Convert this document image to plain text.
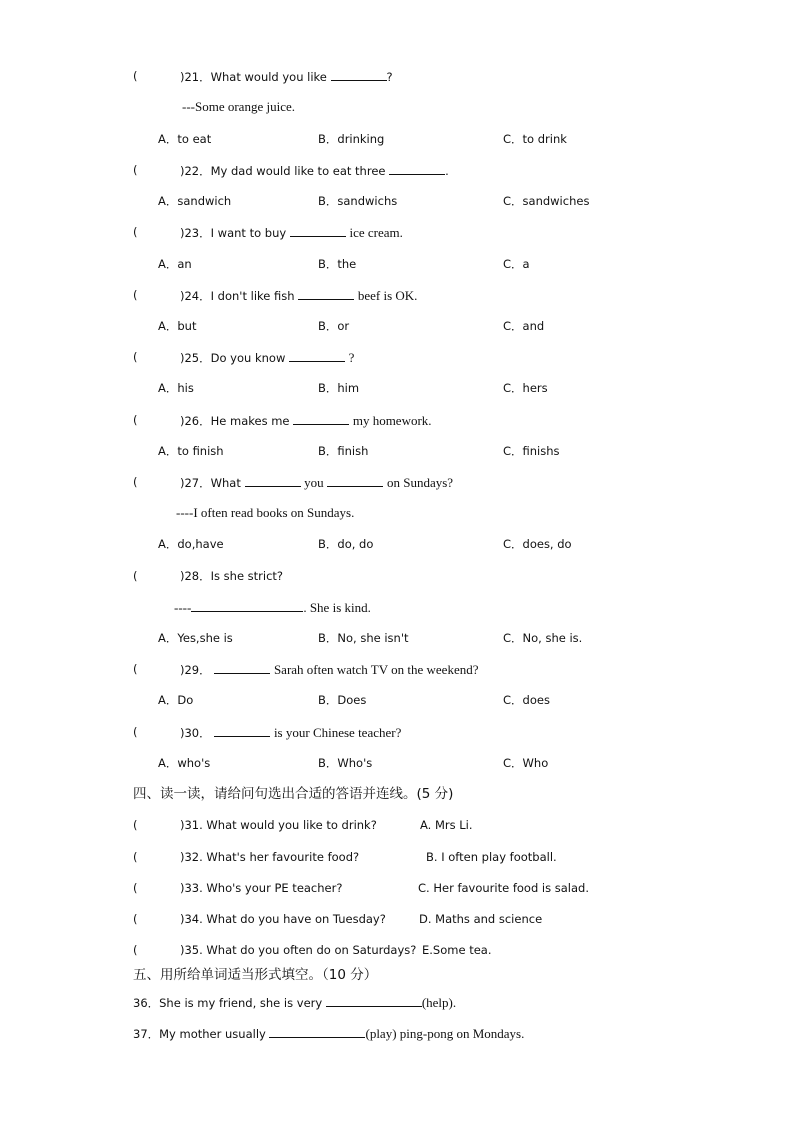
(	)21．What would you like	?
---Some orange juice.
A．to eat	B．drinking	C．to drink
(	)22．My dad would like to eat three	.
A．sandwich	B．sandwichs	C．sandwiches
(	)23．I want to buy	ice cream.
A．an	B．the	C．a
(	)24．I don't like fish	beef is OK.
A．but	B．or	C．and
(	)25．Do you know	?
A．his	B．him	C．hers
(	)26．He makes me	my homework.
A．to finish	B．finish	C．finishs
(	)27．What	you	on Sundays?
----I often read books on Sundays.
A．do,have	B．do, do	C．does, do
(	)28．Is she strict?
----	. She is kind.
A．Yes,she is	B．No, she isn't	C．No, she is.
(	)29．	Sarah often watch TV on the weekend?
A．Do	B．Does	C．does
(	)30．	is your Chinese teacher?
A．who's	B．Who's	C．Who
四、读一读，请给问句选出合适的答语并连线。(5 分)
(	)31. What would you like to drink?	A. Mrs Li.
(	)32. What's her favourite food?	B. I often play football.
(	)33. Who's your PE teacher?	C. Her favourite food is salad.
(	)34. What do you have on Tuesday?	D. Maths and science
(	)35. What do you often do on Saturdays? E.Some tea.
五、用所给单词适当形式填空。（10 分）
36．She is my friend, she is very	(help).
37．My mother usually	(play) ping-pong on Mondays.
